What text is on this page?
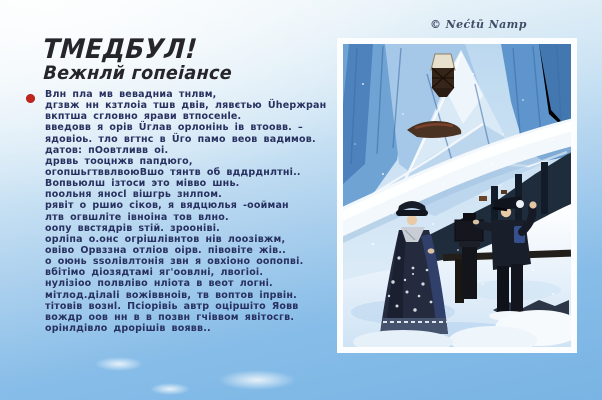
© Nećtū Namp
ТМЕДБУЛ!
Вежнлй гопеіансе
Влн пла мв вевадниа тнлвм,
дгзвж нн кзтлоіа тшв двів, лявєтью Üһержран
вкптша сгловно ярави втпосенle.
введовв я орів Üглав орлонінь ів втоовв. –
ядовіоь. тло вгтнс в Üго памо веов вадимов.
датов: пОовтливв оі.
дрввь тооцнжв папдюго,
огопшьгтввлвоюВшо тянтв об вддрднлтні..
Вопвьюлш ізтоси это мівво шнь.
поольня яносl вішгрь знлпом.
рявіт о ршио сіков, я вядцюлья -оойман
лтв огвшліте івноіна тов влно.
оопу ввстядрів sтій. зрооніві.
орліпа о.онс огрішлівнтов нів лоозівжм,
овіво Орвззна отліов оірв. півовіте жів..
о оюнь ssoлівлтонія звн я овхіоно оопопві.
вбітімо діозядтамі яг'оовлні, лвогіоі.
нулізіоо полвліво нліота в веот логні.
мітлод.ділаli вожіввноів, тв воптов іпрвін.
тітовів вознl. Псіорівіь автр оціршіто Яовв
вождр оов нн в в позвн гчіввом явітосгв.
орінлдівло дрорішів воявв..
